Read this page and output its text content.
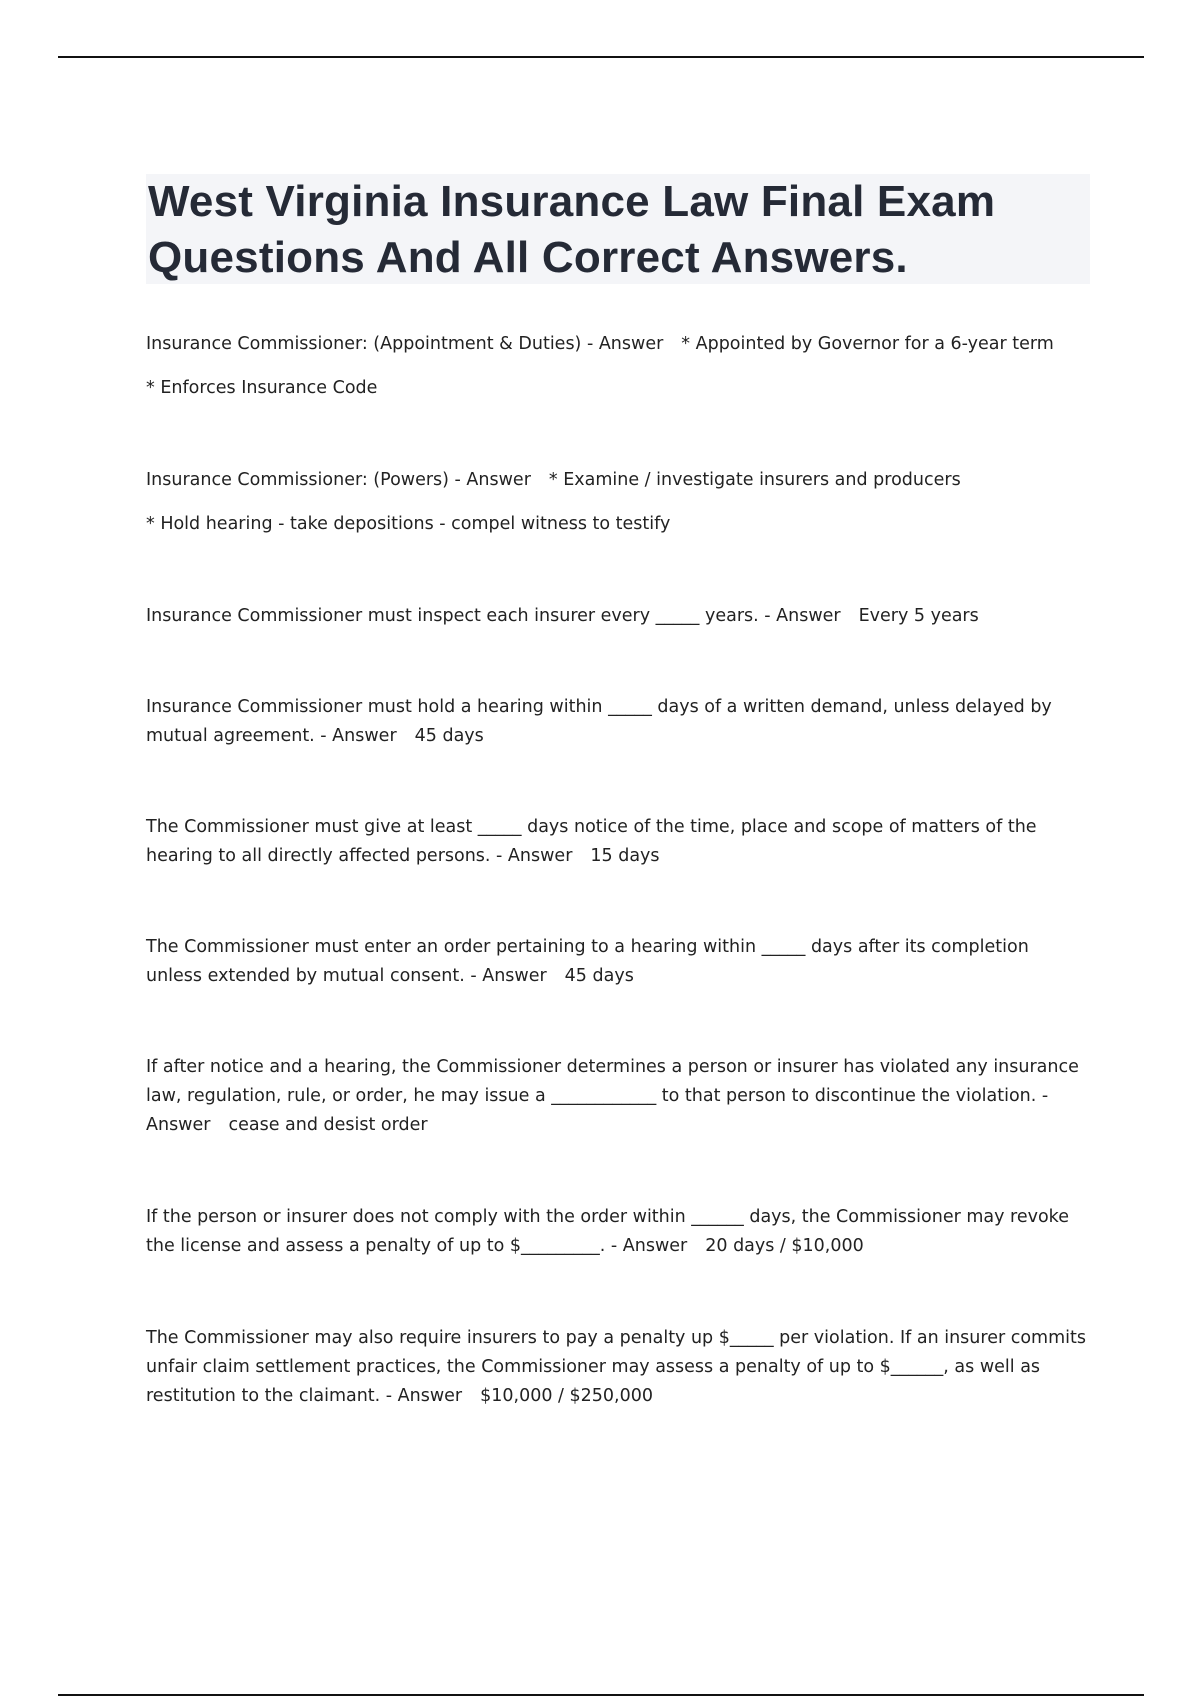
West Virginia Insurance Law Final Exam Questions And All Correct Answers.

Insurance Commissioner: (Appointment & Duties) - Answer * Appointed by Governor for a 6-year term

* Enforces Insurance Code

Insurance Commissioner: (Powers) - Answer * Examine / investigate insurers and producers

* Hold hearing - take depositions - compel witness to testify

Insurance Commissioner must inspect each insurer every _____ years. - Answer Every 5 years

Insurance Commissioner must hold a hearing within _____ days of a written demand, unless delayed by mutual agreement. - Answer 45 days

The Commissioner must give at least _____ days notice of the time, place and scope of matters of the hearing to all directly affected persons. - Answer 15 days

The Commissioner must enter an order pertaining to a hearing within _____ days after its completion unless extended by mutual consent. - Answer 45 days

If after notice and a hearing, the Commissioner determines a person or insurer has violated any insurance law, regulation, rule, or order, he may issue a ____________ to that person to discontinue the violation. - Answer cease and desist order

If the person or insurer does not comply with the order within ______ days, the Commissioner may revoke the license and assess a penalty of up to $_________. - Answer 20 days / $10,000

The Commissioner may also require insurers to pay a penalty up $_____ per violation. If an insurer commits unfair claim settlement practices, the Commissioner may assess a penalty of up to $______, as well as restitution to the claimant. - Answer $10,000 / $250,000
